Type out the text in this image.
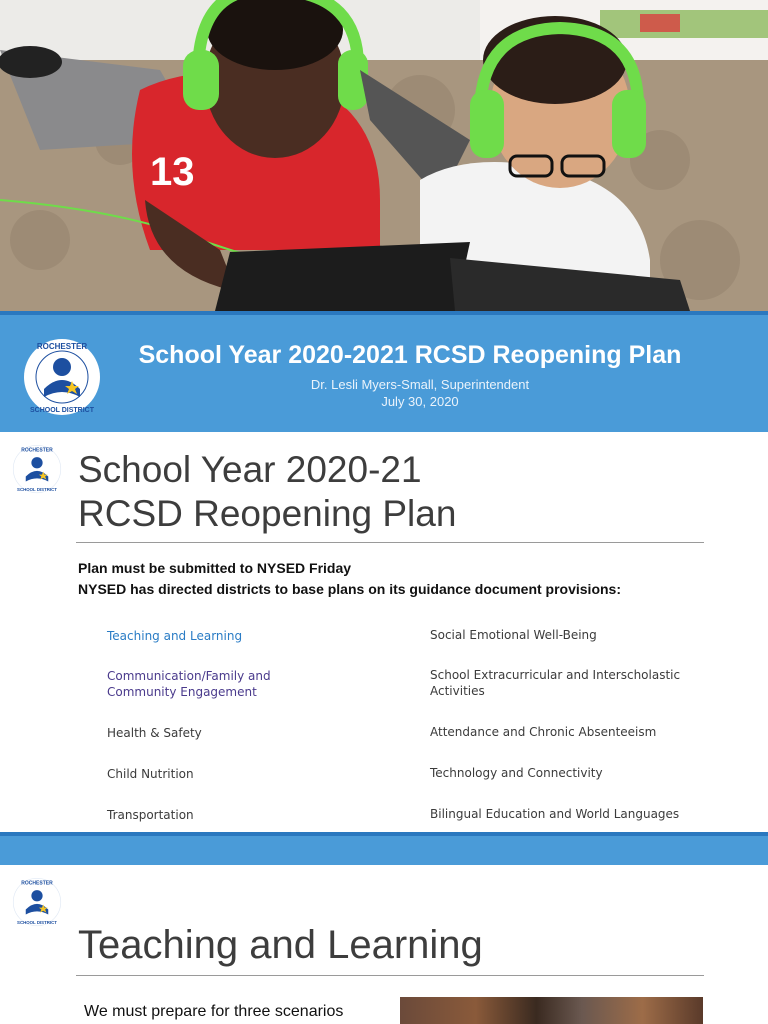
13
ROCHESTER
SCHOOL DISTRICT
School Year 2020-2021 RCSD Reopening Plan
Dr. Lesli Myers-Small, Superintendent
July 30, 2020
ROCHESTER
SCHOOL DISTRICT School Year 2020-21
RCSD Reopening Plan
Plan must be submitted to NYSED Friday
NYSED has directed districts to base plans on its guidance document provisions:
Teaching and Learning
Communication/Family and Community Engagement
Health & Safety
Child Nutrition
Transportation
Social Emotional Well-Being
School Extracurricular and Interscholastic Activities
Attendance and Chronic Absenteeism
Technology and Connectivity
Bilingual Education and World Languages
ROCHESTER
SCHOOL DISTRICT
Teaching and Learning
We must prepare for three scenarios
